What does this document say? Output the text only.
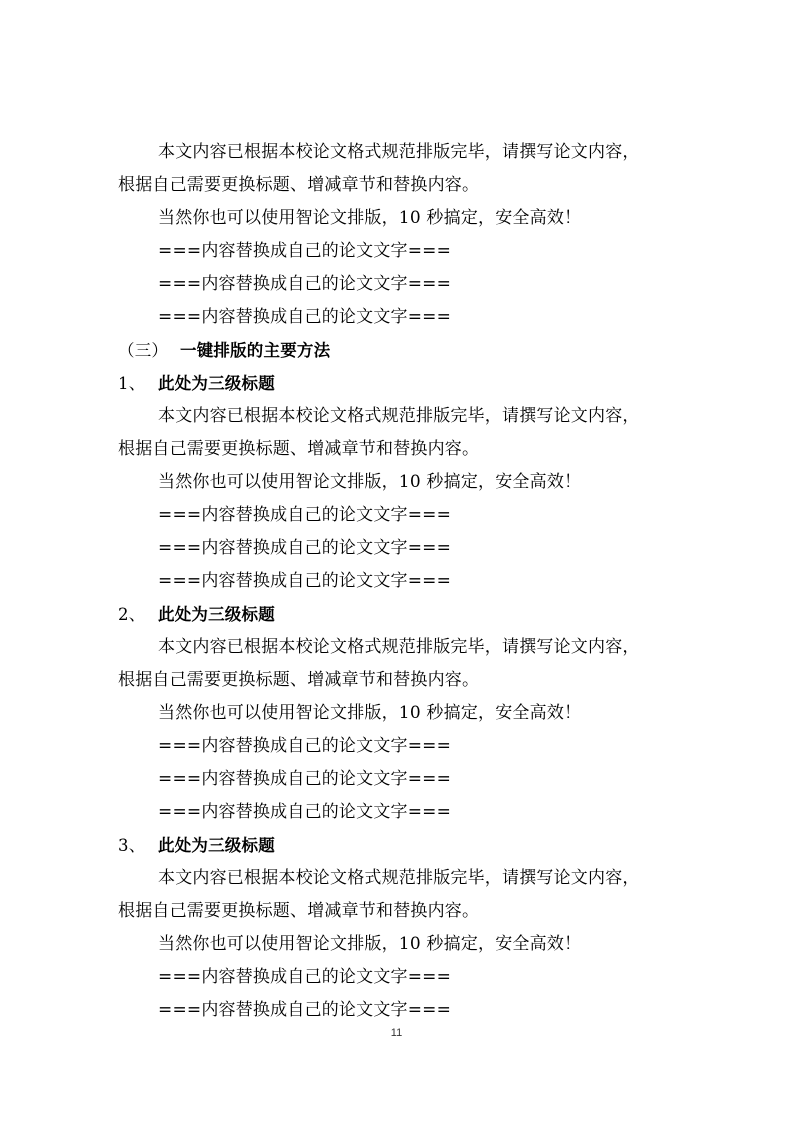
本文内容已根据本校论文格式规范排版完毕，请撰写论文内容，
根据自己需要更换标题、增减章节和替换内容。
当然你也可以使用智论文排版，10 秒搞定，安全高效！
===内容替换成自己的论文文字===
===内容替换成自己的论文文字===
===内容替换成自己的论文文字===
（三） 一键排版的主要方法
1、 此处为三级标题
本文内容已根据本校论文格式规范排版完毕，请撰写论文内容，
根据自己需要更换标题、增减章节和替换内容。
当然你也可以使用智论文排版，10 秒搞定，安全高效！
===内容替换成自己的论文文字===
===内容替换成自己的论文文字===
===内容替换成自己的论文文字===
2、 此处为三级标题
本文内容已根据本校论文格式规范排版完毕，请撰写论文内容，
根据自己需要更换标题、增减章节和替换内容。
当然你也可以使用智论文排版，10 秒搞定，安全高效！
===内容替换成自己的论文文字===
===内容替换成自己的论文文字===
===内容替换成自己的论文文字===
3、 此处为三级标题
本文内容已根据本校论文格式规范排版完毕，请撰写论文内容，
根据自己需要更换标题、增减章节和替换内容。
当然你也可以使用智论文排版，10 秒搞定，安全高效！
===内容替换成自己的论文文字===
===内容替换成自己的论文文字===
11
